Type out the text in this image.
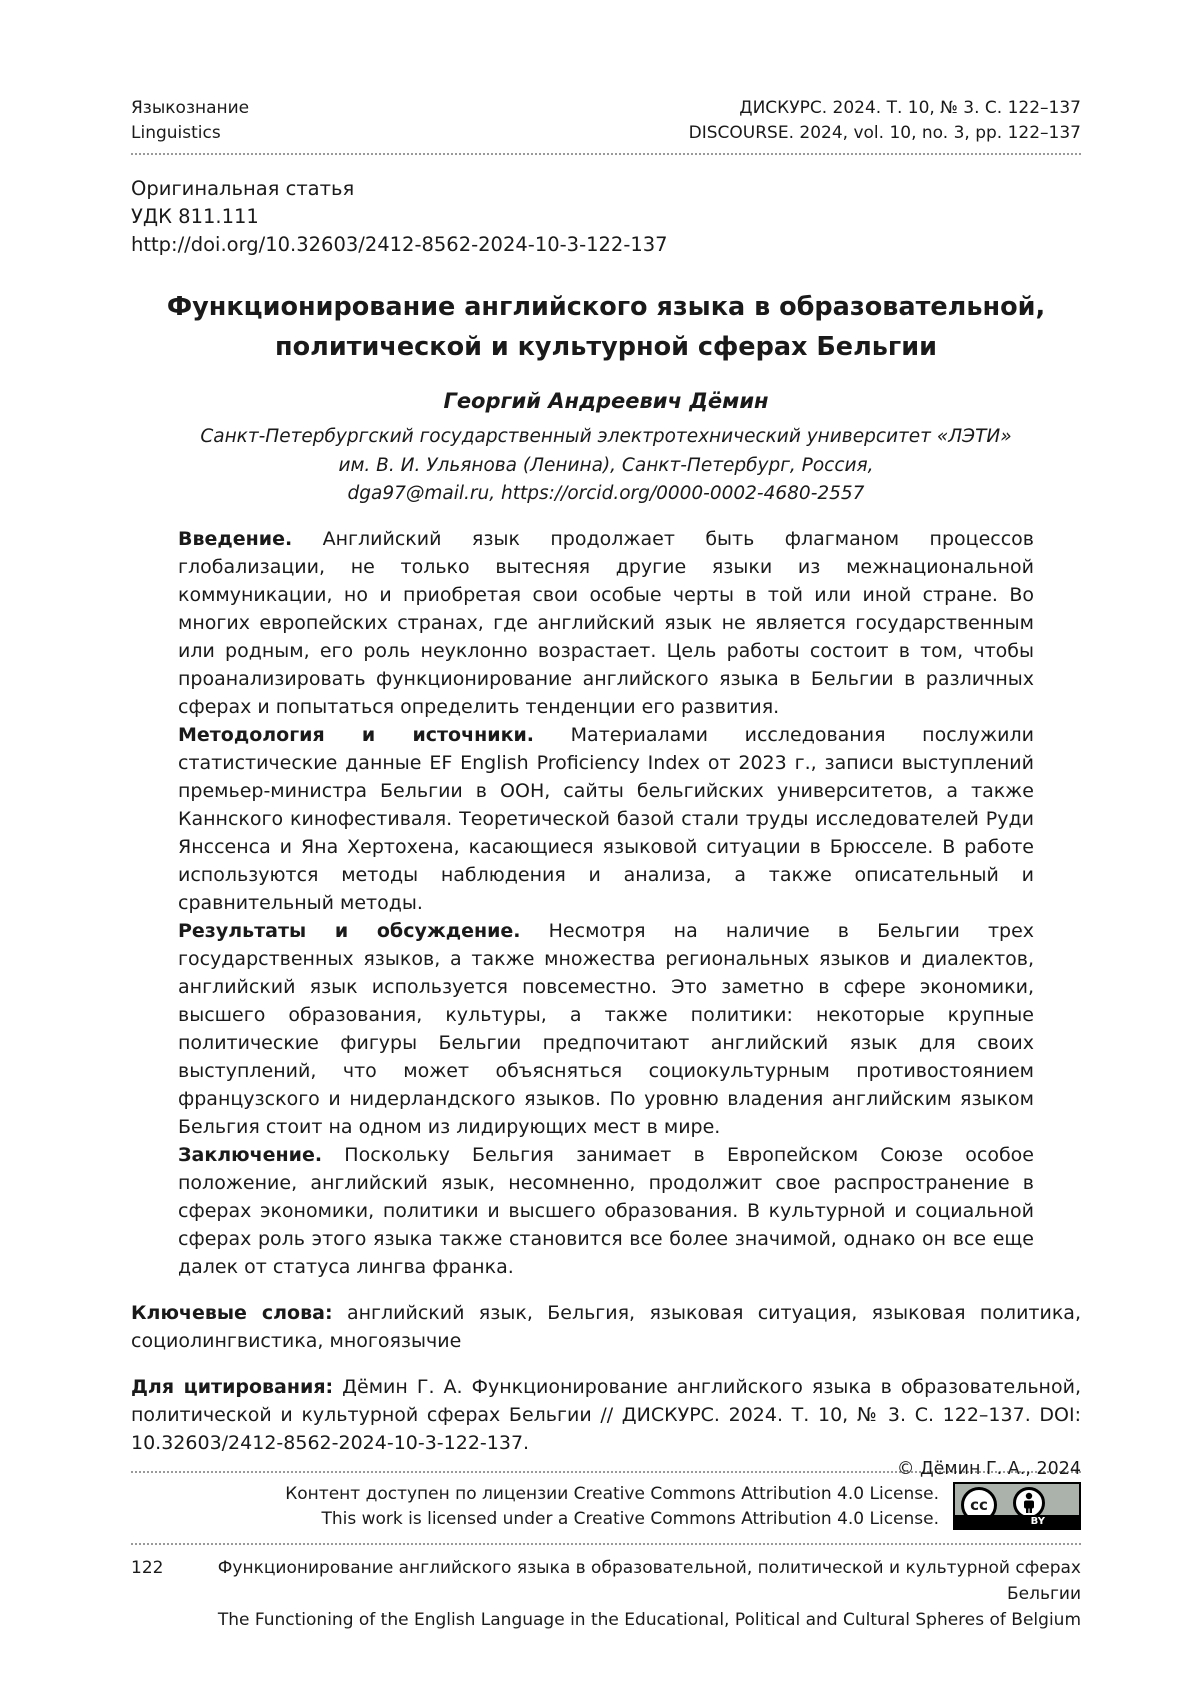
Языкознание
Linguistics
ДИСКУРС. 2024. Т. 10, № 3. С. 122–137
DISCOURSE. 2024, vol. 10, no. 3, pp. 122–137
Оригинальная статья
УДК 811.111
http://doi.org/10.32603/2412-8562-2024-10-3-122-137
Функционирование английского языка в образовательной,
политической и культурной сферах Бельгии
Георгий Андреевич Дёмин
Санкт-Петербургский государственный электротехнический университет «ЛЭТИ»
им. В. И. Ульянова (Ленина), Санкт-Петербург, Россия,
dga97@mail.ru, https://orcid.org/0000-0002-4680-2557

Введение. Английский язык продолжает быть флагманом процессов глобализации, не только вытесняя другие языки из межнациональной коммуникации, но и приобретая свои особые черты в той или иной стране. Во многих европейских странах, где английский язык не является государственным или родным, его роль неуклонно возрастает. Цель работы состоит в том, чтобы проанализировать функционирование английского языка в Бельгии в различных сферах и попытаться определить тенденции его развития.

Методология и источники. Материалами исследования послужили статистические данные EF English Proficiency Index от 2023 г., записи выступлений премьер-министра Бельгии в ООН, сайты бельгийских университетов, а также Каннского кинофестиваля. Теоретической базой стали труды исследователей Руди Янссенса и Яна Хертохена, касающиеся языковой ситуации в Брюсселе. В работе используются методы наблюдения и анализа, а также описательный и сравнительный методы.

Результаты и обсуждение. Несмотря на наличие в Бельгии трех государственных языков, а также множества региональных языков и диалектов, английский язык используется повсеместно. Это заметно в сфере экономики, высшего образования, культуры, а также политики: некоторые крупные политические фигуры Бельгии предпочитают английский язык для своих выступлений, что может объясняться социокультурным противостоянием французского и нидерландского языков. По уровню владения английским языком Бельгия стоит на одном из лидирующих мест в мире.

Заключение. Поскольку Бельгия занимает в Европейском Союзе особое положение, английский язык, несомненно, продолжит свое распространение в сферах экономики, политики и высшего образования. В культурной и социальной сферах роль этого языка также становится все более значимой, однако он все еще далек от статуса лингва франка.

Ключевые слова: английский язык, Бельгия, языковая ситуация, языковая политика, социолингвистика, многоязычие
Для цитирования: Дёмин Г. А. Функционирование английского языка в образовательной, политической и культурной сферах Бельгии // ДИСКУРС. 2024. Т. 10, № 3. С. 122–137. DOI: 10.32603/2412-8562-2024-10-3-122-137.
© Дёмин Г. А., 2024
Контент доступен по лицензии Creative Commons Attribution 4.0 License.
This work is licensed under a Creative Commons Attribution 4.0 License.
cc
BY
122	Функционирование английского языка в образовательной, политической и культурной сферах Бельгии
The Functioning of the English Language in the Educational, Political and Cultural Spheres of Belgium
